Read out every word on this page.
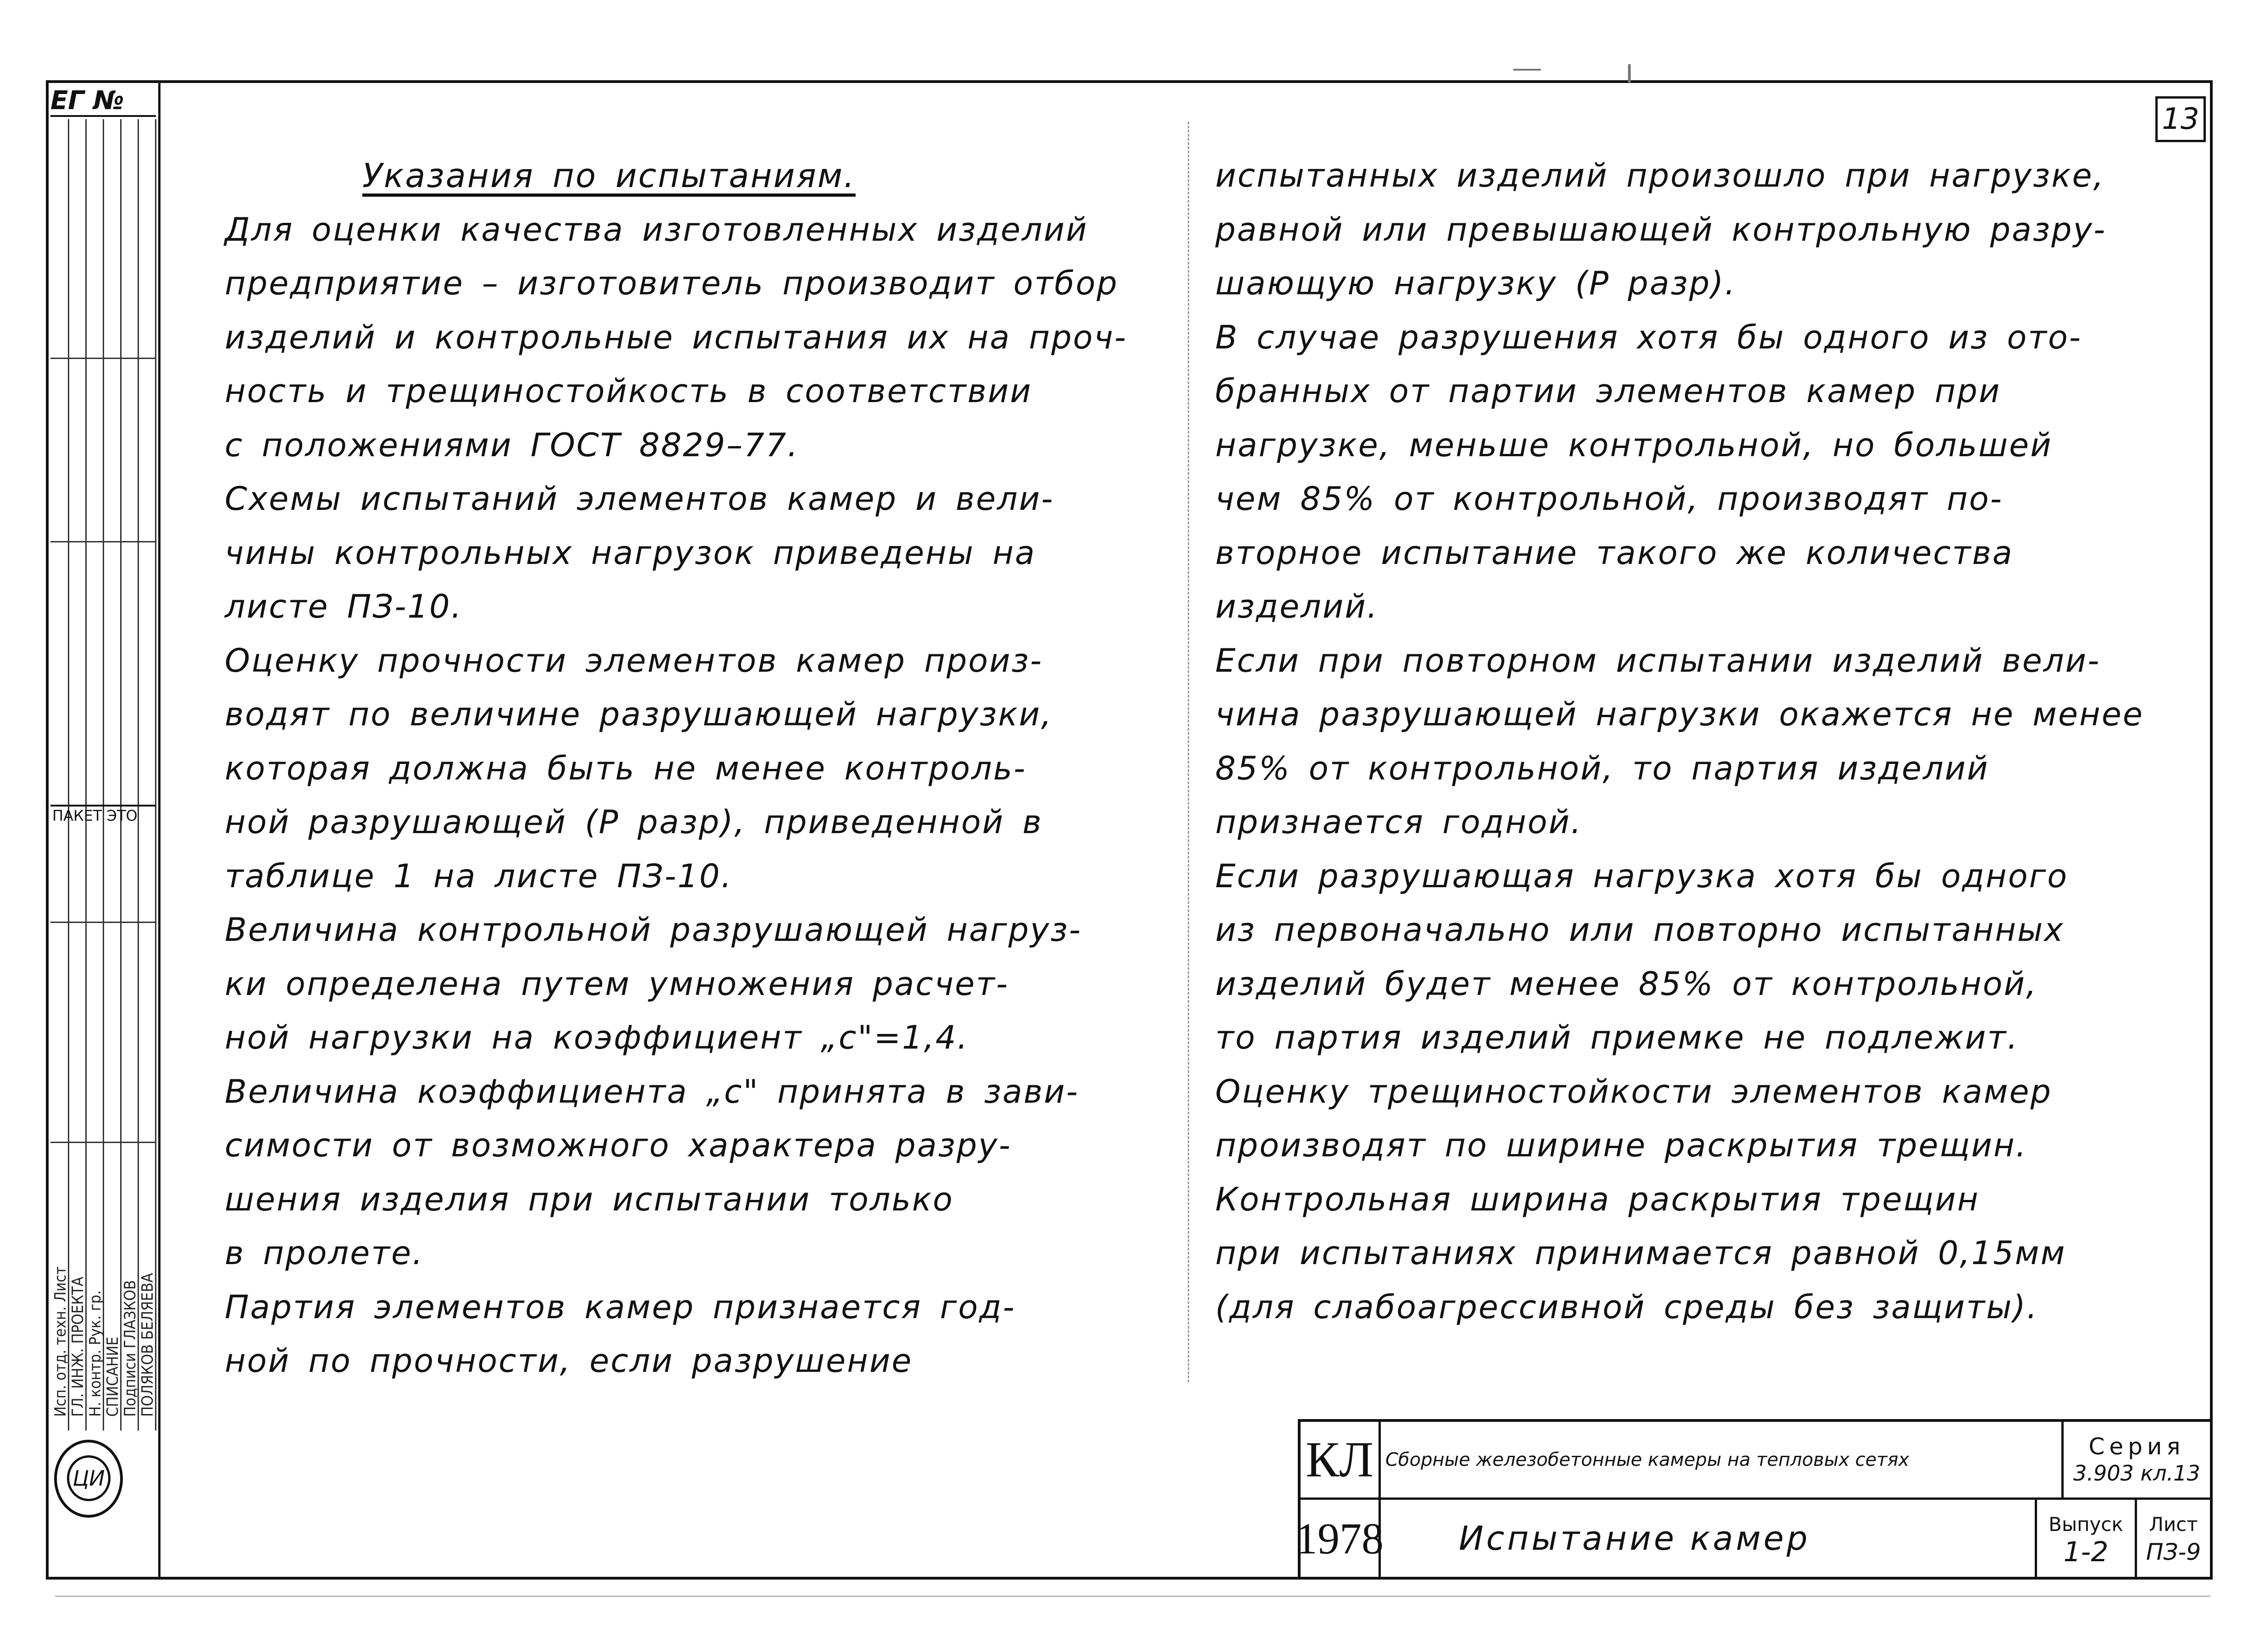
ЕГ №
Исп. отд. техн. Лист
ГЛ. ИНЖ. ПРОЕКТА
Н. контр. Рук. гр.
СПИСАНИЕ
Подписи ГЛАЗКОВ
ПОЛЯКОВ БЕЛЯЕВА
ПАКЕТ ЭТО
ЦИ
13
Указания по испытаниям.
Для оценки качества изготовленных изделий
предприятие – изготовитель производит отбор
изделий и контрольные испытания их на проч-
ность и трещиностойкость в соответствии
с положениями ГОСТ 8829–77.
Схемы испытаний элементов камер и вели-
чины контрольных нагрузок приведены на
листе ПЗ-10.
Оценку прочности элементов камер произ-
водят по величине разрушающей нагрузки,
которая должна быть не менее контроль-
ной разрушающей (Р разр), приведенной в
таблице 1 на листе ПЗ-10.
Величина контрольной разрушающей нагруз-
ки определена путем умножения расчет-
ной нагрузки на коэффициент „с"=1,4.
Величина коэффициента „с" принята в зави-
симости от возможного характера разру-
шения изделия при испытании только
в пролете.
Партия элементов камер признается год-
ной по прочности, если разрушение
испытанных изделий произошло при нагрузке,
равной или превышающей контрольную разру-
шающую нагрузку (Р разр).
В случае разрушения хотя бы одного из ото-
бранных от партии элементов камер при
нагрузке, меньше контрольной, но большей
чем 85% от контрольной, производят по-
вторное испытание такого же количества
изделий.
Если при повторном испытании изделий вели-
чина разрушающей нагрузки окажется не менее
85% от контрольной, то партия изделий
признается годной.
Если разрушающая нагрузка хотя бы одного
из первоначально или повторно испытанных
изделий будет менее 85% от контрольной,
то партия изделий приемке не подлежит.
Оценку трещиностойкости элементов камер
производят по ширине раскрытия трещин.
Контрольная ширина раскрытия трещин
при испытаниях принимается равной 0,15мм
(для слабоагрессивной среды без защиты).
КЛ
1978
Сборные железобетонные камеры на тепловых сетях	Серия
3.903 кл.13
Испытание камер	Выпуск
1-2
Лист
ПЗ-9
